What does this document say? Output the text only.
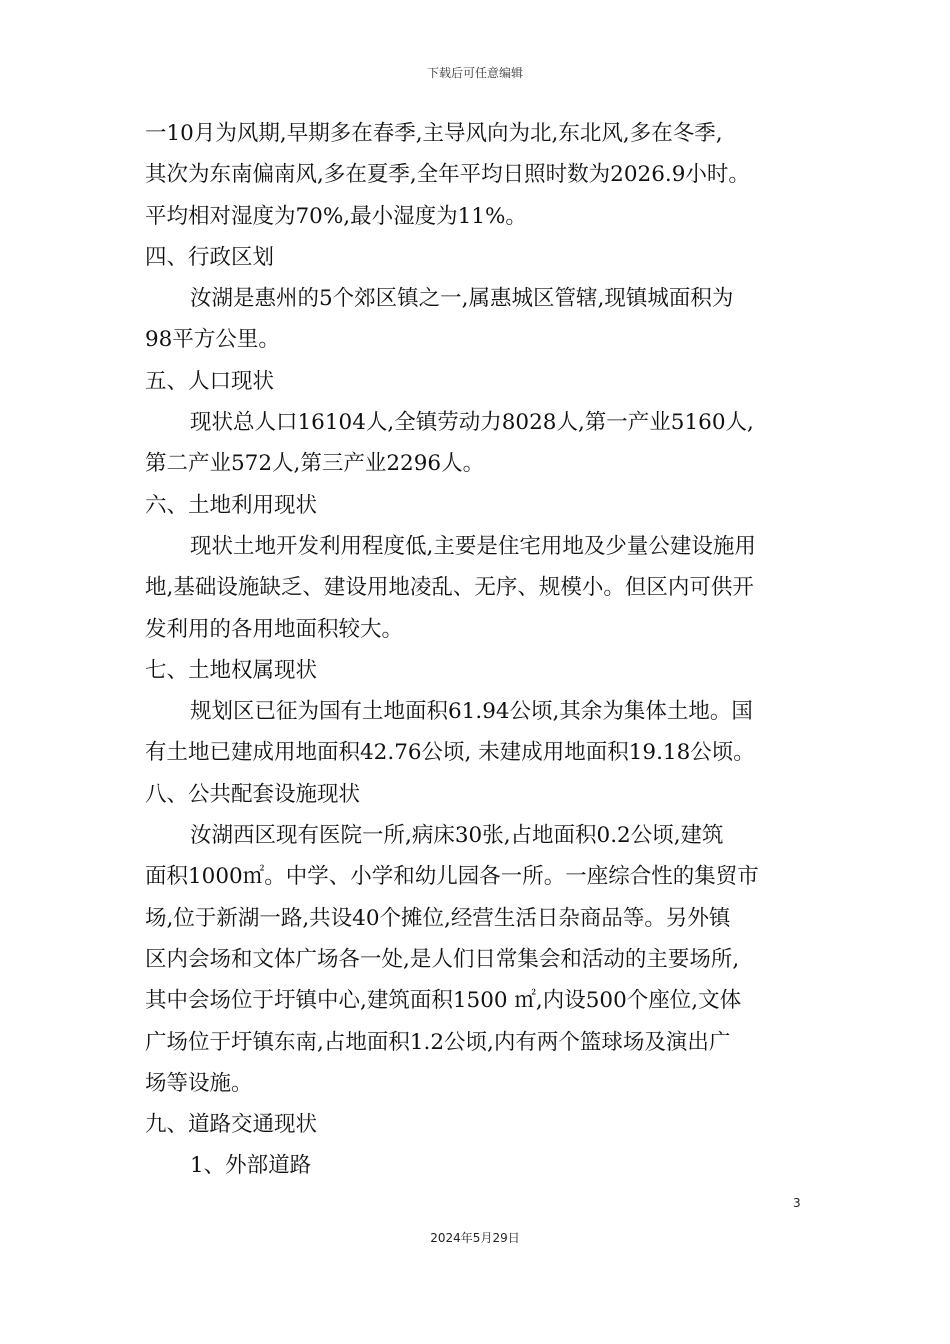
下载后可任意编辑
一10月为风期,早期多在春季,主导风向为北,东北风,多在冬季,
其次为东南偏南风,多在夏季,全年平均日照时数为2026.9小时。
平均相对湿度为70%,最小湿度为11%。
四、行政区划
汝湖是惠州的5个郊区镇之一,属惠城区管辖,现镇城面积为
98平方公里。
五、人口现状
现状总人口16104人,全镇劳动力8028人,第一产业5160人,
第二产业572人,第三产业2296人。
六、土地利用现状
现状土地开发利用程度低,主要是住宅用地及少量公建设施用
地,基础设施缺乏、建设用地凌乱、无序、规模小。但区内可供开
发利用的各用地面积较大。
七、土地权属现状
规划区已征为国有土地面积61.94公顷,其余为集体土地。国
有土地已建成用地面积42.76公顷, 未建成用地面积19.18公顷。
八、公共配套设施现状
汝湖西区现有医院一所,病床30张,占地面积0.2公顷,建筑
面积1000㎡。中学、小学和幼儿园各一所。一座综合性的集贸市
场,位于新湖一路,共设40个摊位,经营生活日杂商品等。另外镇
区内会场和文体广场各一处,是人们日常集会和活动的主要场所,
其中会场位于圩镇中心,建筑面积1500 ㎡,内设500个座位,文体
广场位于圩镇东南,占地面积1.2公顷,内有两个篮球场及演出广
场等设施。
九、道路交通现状
1、外部道路
3
2024年5月29日
